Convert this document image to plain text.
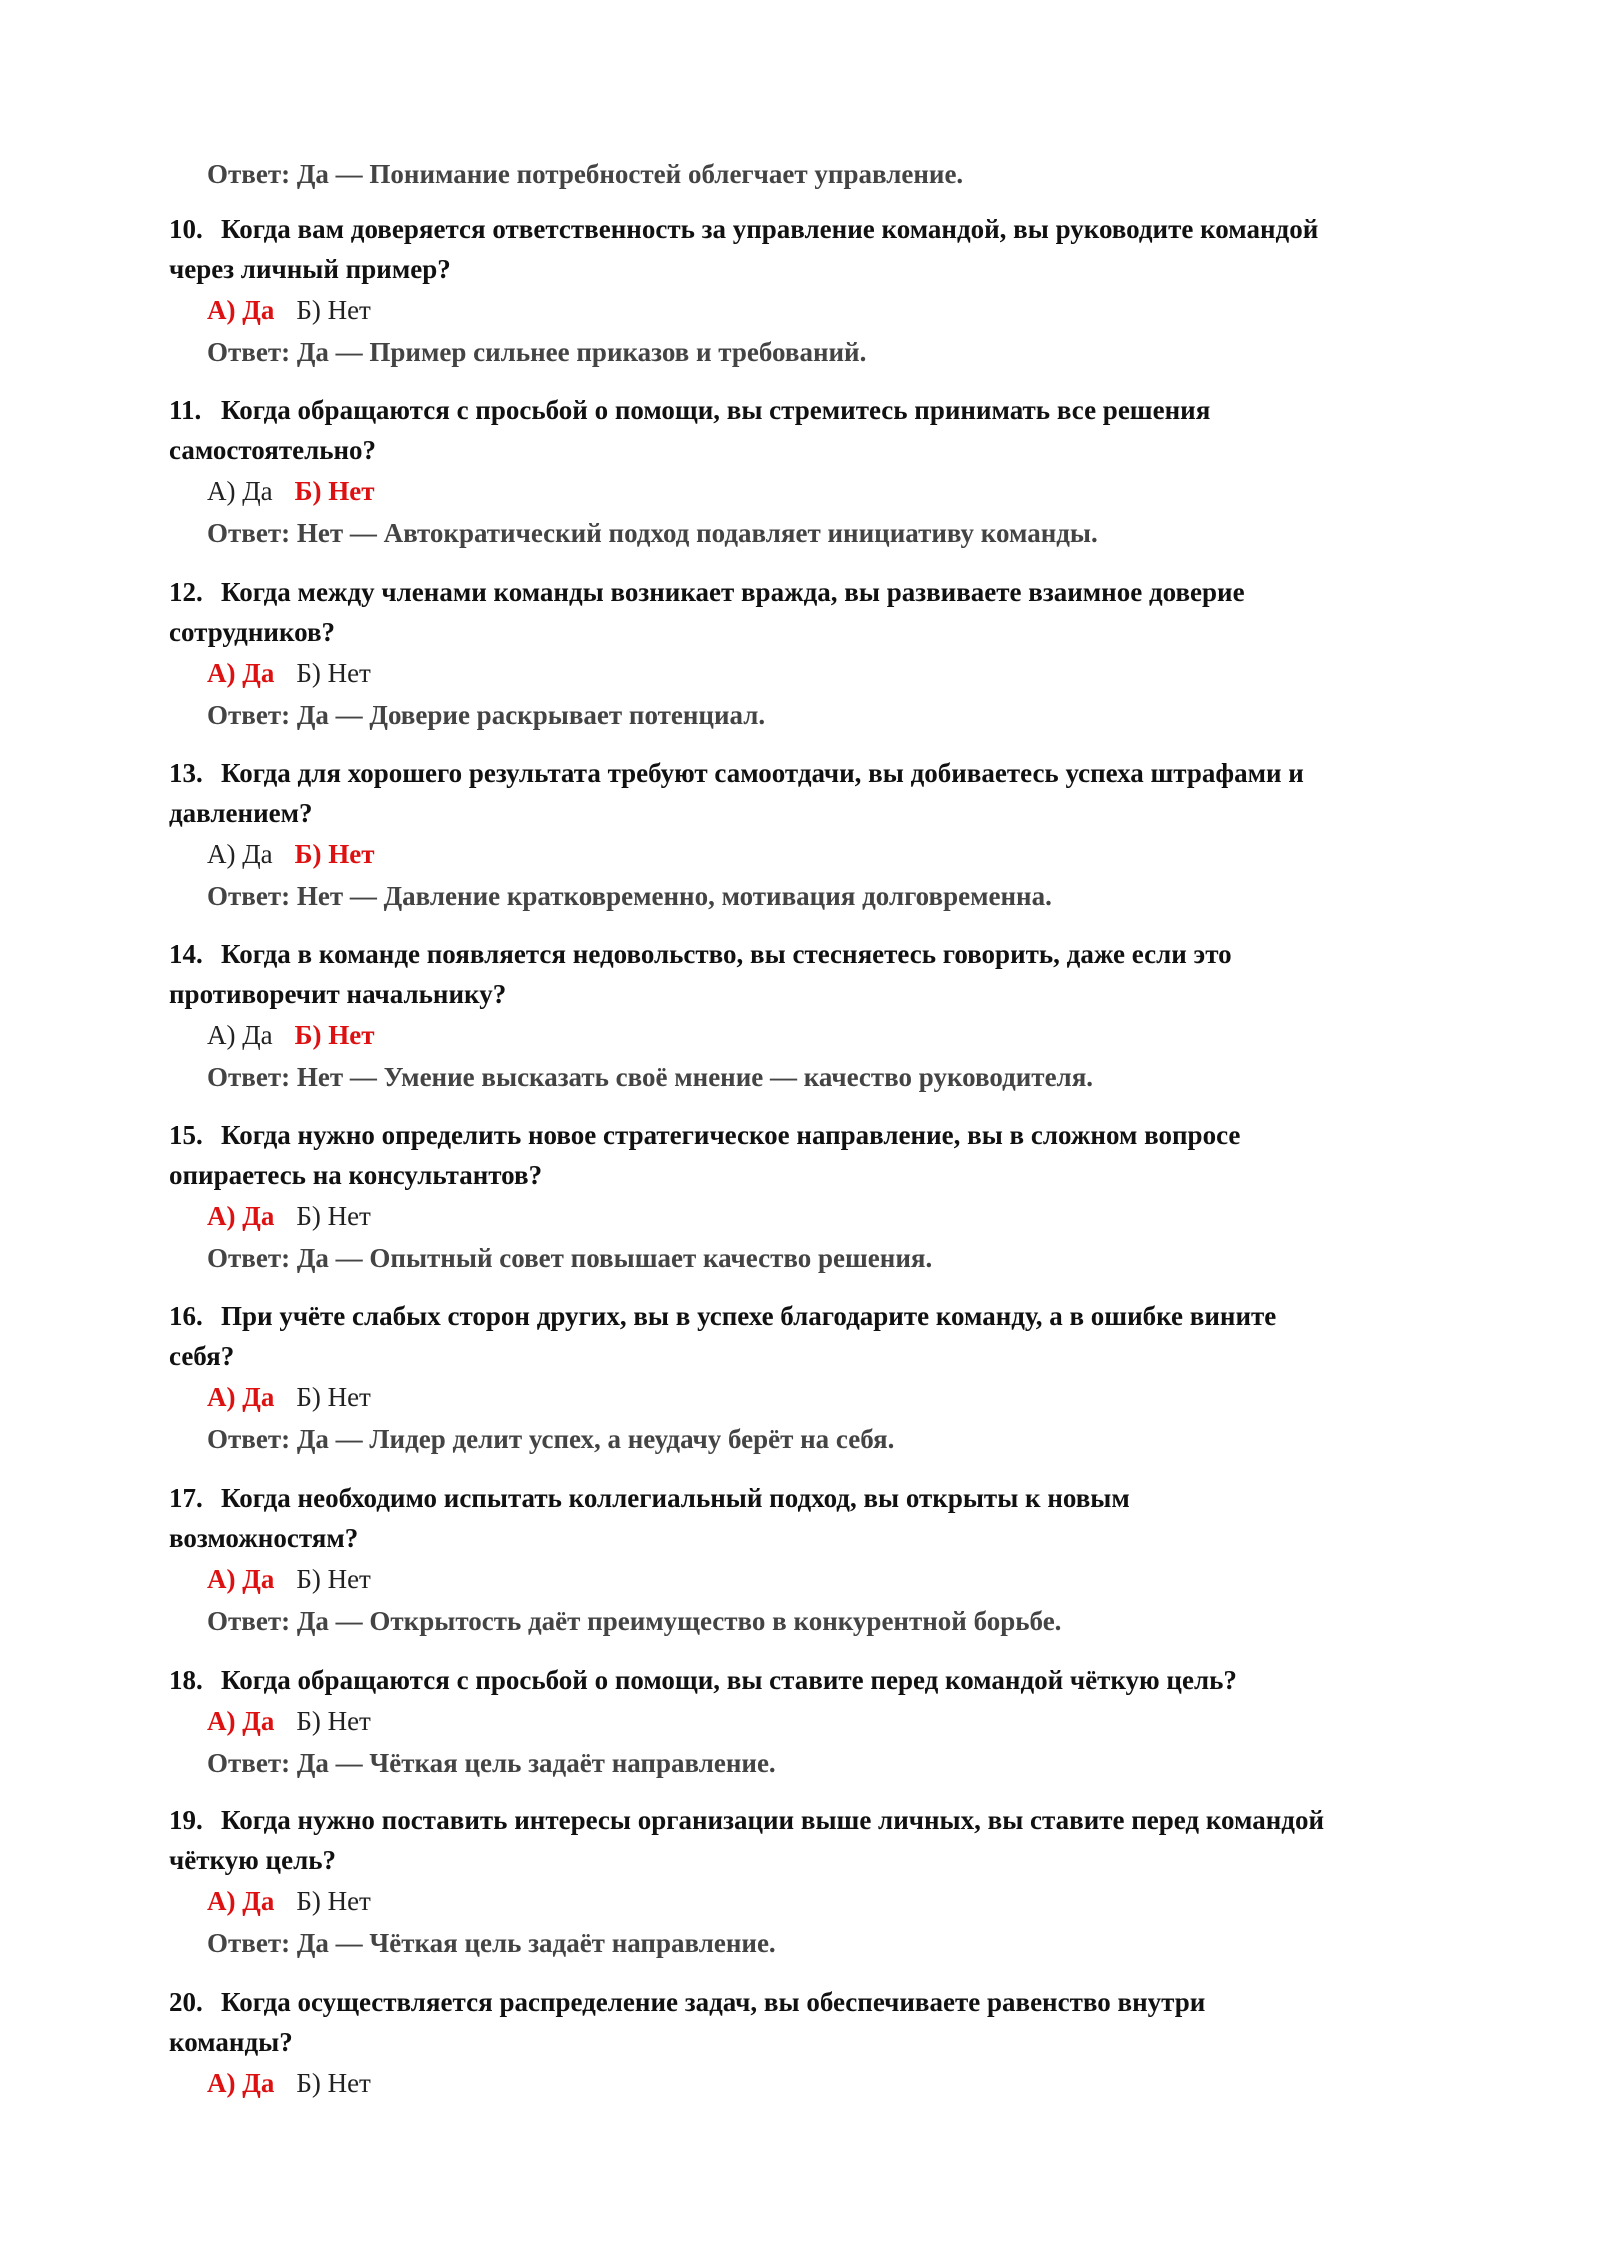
Ответ: Да — Понимание потребностей облегчает управление.
10. Когда вам доверяется ответственность за управление командой, вы руководите командой
через личный пример?
А) Да Б) Нет
Ответ: Да — Пример сильнее приказов и требований.
11. Когда обращаются с просьбой о помощи, вы стремитесь принимать все решения
самостоятельно?
А) Да Б) Нет
Ответ: Нет — Автократический подход подавляет инициативу команды.
12. Когда между членами команды возникает вражда, вы развиваете взаимное доверие
сотрудников?
А) Да Б) Нет
Ответ: Да — Доверие раскрывает потенциал.
13. Когда для хорошего результата требуют самоотдачи, вы добиваетесь успеха штрафами и
давлением?
А) Да Б) Нет
Ответ: Нет — Давление кратковременно, мотивация долговременна.
14. Когда в команде появляется недовольство, вы стесняетесь говорить, даже если это
противоречит начальнику?
А) Да Б) Нет
Ответ: Нет — Умение высказать своё мнение — качество руководителя.
15. Когда нужно определить новое стратегическое направление, вы в сложном вопросе
опираетесь на консультантов?
А) Да Б) Нет
Ответ: Да — Опытный совет повышает качество решения.
16. При учёте слабых сторон других, вы в успехе благодарите команду, а в ошибке вините
себя?
А) Да Б) Нет
Ответ: Да — Лидер делит успех, а неудачу берёт на себя.
17. Когда необходимо испытать коллегиальный подход, вы открыты к новым
возможностям?
А) Да Б) Нет
Ответ: Да — Открытость даёт преимущество в конкурентной борьбе.
18. Когда обращаются с просьбой о помощи, вы ставите перед командой чёткую цель?
А) Да Б) Нет
Ответ: Да — Чёткая цель задаёт направление.
19. Когда нужно поставить интересы организации выше личных, вы ставите перед командой
чёткую цель?
А) Да Б) Нет
Ответ: Да — Чёткая цель задаёт направление.
20. Когда осуществляется распределение задач, вы обеспечиваете равенство внутри
команды?
А) Да Б) Нет
